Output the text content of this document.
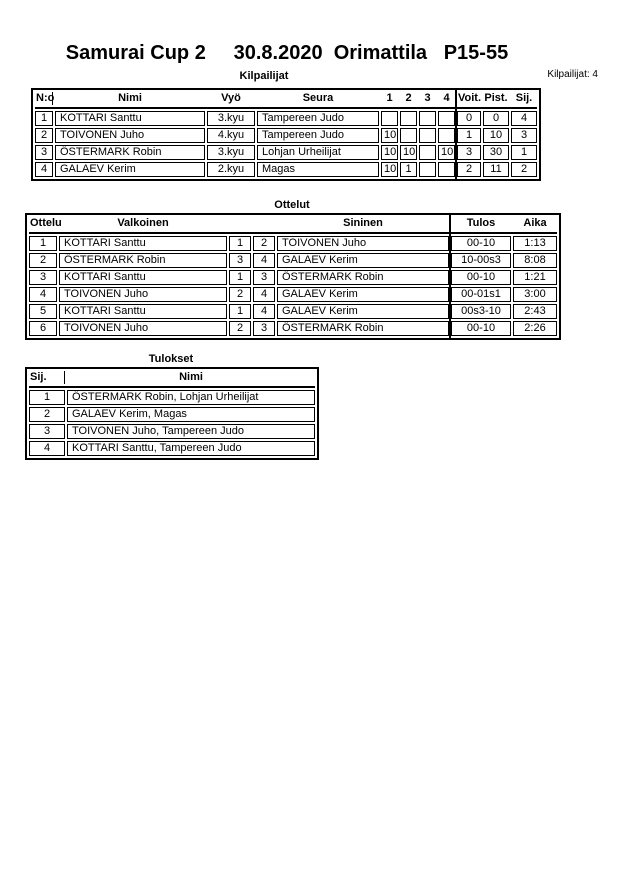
Samurai Cup 2     30.8.2020  Orimattila   P15-55
Kilpailijat	Kilpailijat: 4
N:o	Nimi	Vyö	Seura	1	2	3	4	Voit.	Pist.	Sij.

1	KOTTARI Santtu	3.kyu	Tampereen Judo					0	0	4
2	TOIVONEN Juho	4.kyu	Tampereen Judo	10				1	10	3
3	ÖSTERMARK Robin	3.kyu	Lohjan Urheilijat	10	10		10	3	30	1
4	GALAEV Kerim	2.kyu	Magas	10	1			2	11	2
Ottelut
Ottelu	Valkoinen			Sininen	Tulos	Aika

1	KOTTARI Santtu	1	2	TOIVONEN Juho	00-10	1:13
2	ÖSTERMARK Robin	3	4	GALAEV Kerim	10-00s3	8:08
3	KOTTARI Santtu	1	3	ÖSTERMARK Robin	00-10	1:21
4	TOIVONEN Juho	2	4	GALAEV Kerim	00-01s1	3:00
5	KOTTARI Santtu	1	4	GALAEV Kerim	00s3-10	2:43
6	TOIVONEN Juho	2	3	ÖSTERMARK Robin	00-10	2:26
Tulokset
Sij.	Nimi

1	ÖSTERMARK Robin, Lohjan Urheilijat
2	GALAEV Kerim, Magas
3	TOIVONEN Juho, Tampereen Judo
4	KOTTARI Santtu, Tampereen Judo
